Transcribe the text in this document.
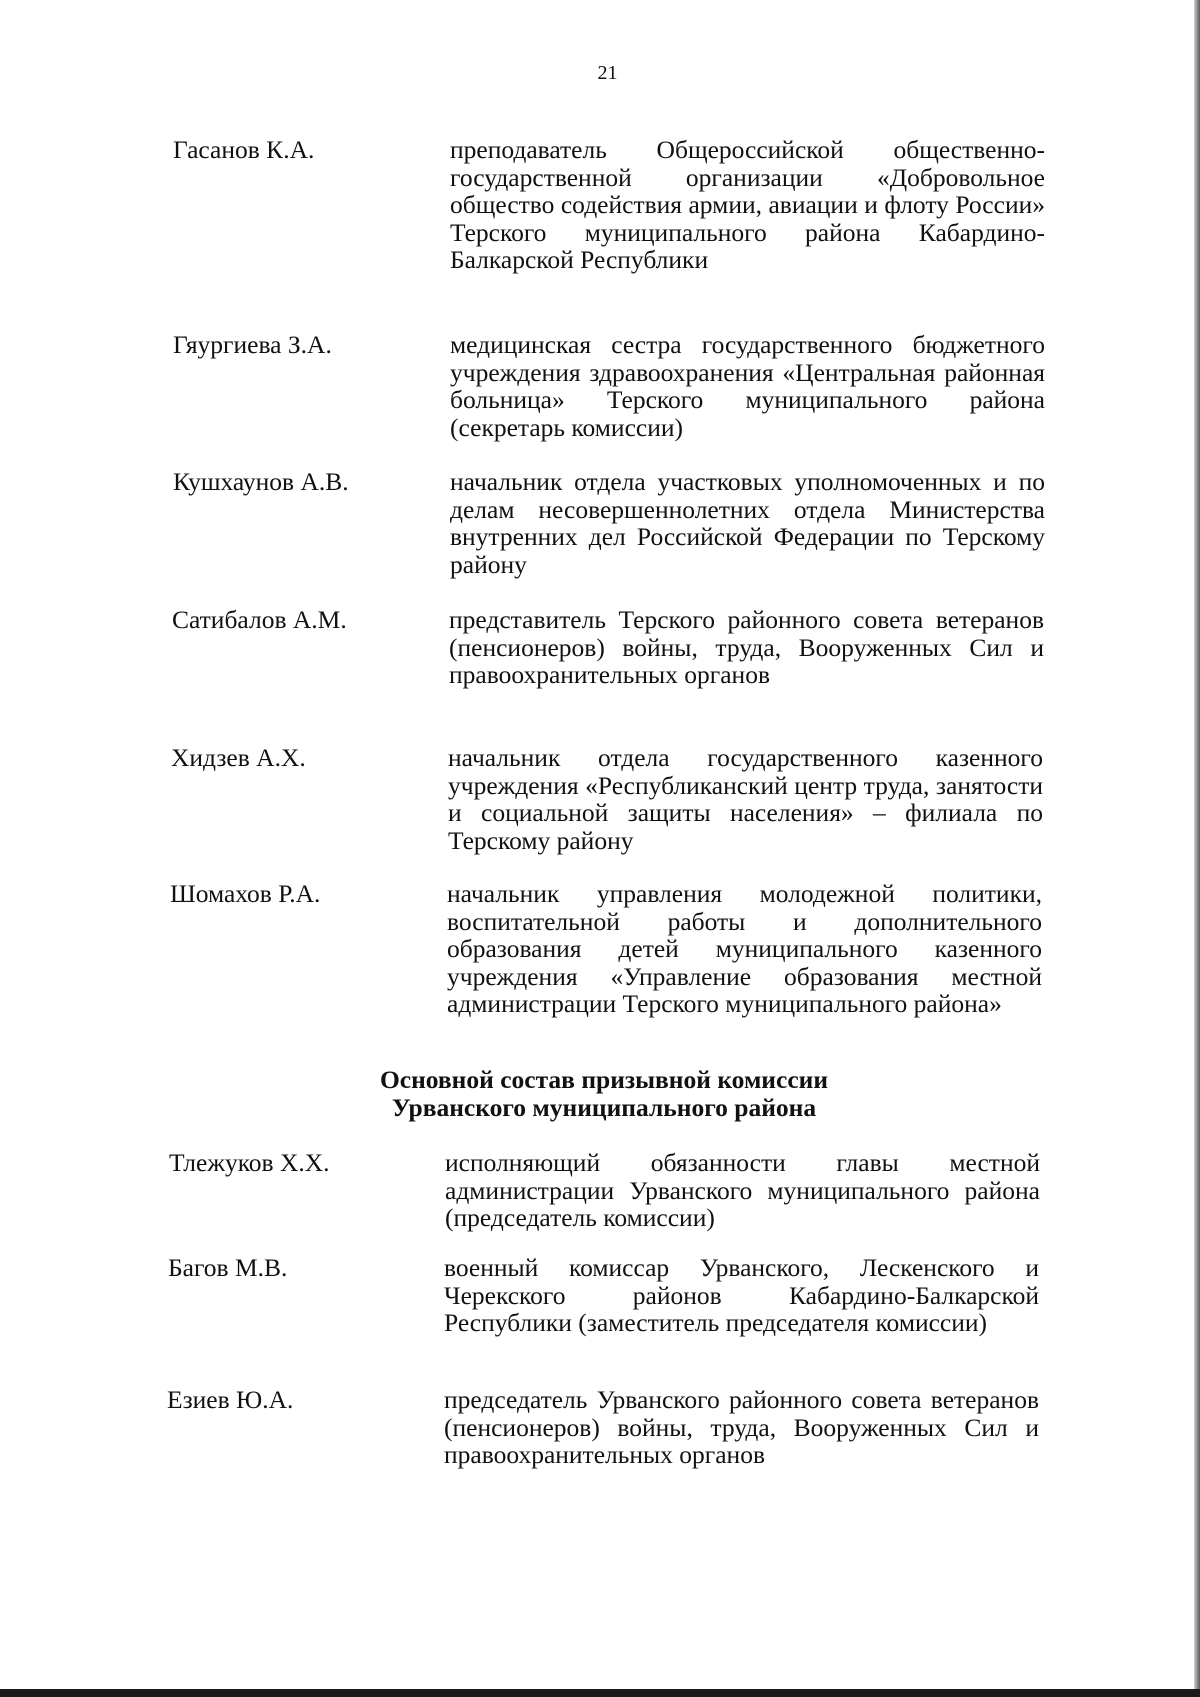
21
Гасанов К.А.	преподаватель Общероссийской общественно-государственной организации «Добровольное общество содействия армии, авиации и флоту России» Терского муниципального района Кабардино-Балкарской Республики
Гяургиева З.А.	медицинская сестра государственного бюджетного учреждения здравоохранения «Центральная районная больница» Терского муниципального района (секретарь комиссии)
Кушхаунов А.В.	начальник отдела участковых уполномоченных и по делам несовершеннолетних отдела Министерства внутренних дел Российской Федерации по Терскому району
Сатибалов А.М.	представитель Терского районного совета ветеранов (пенсионеров) войны, труда, Вооруженных Сил и правоохранительных органов
Хидзев А.Х.	начальник отдела государственного казенного учреждения «Республиканский центр труда, занятости и социальной защиты населения» – филиала по Терскому району
Шомахов Р.А.	начальник управления молодежной политики, воспитательной работы и дополнительного образования детей муниципального казенного учреждения «Управление образования местной администрации Терского муниципального района»
Основной состав призывной комиссии
Урванского муниципального района
Тлежуков Х.Х.	исполняющий обязанности главы местной администрации Урванского муниципального района (председатель комиссии)
Багов М.В.	военный комиссар Урванского, Лескенского и Черекского районов Кабардино-Балкарской Республики (заместитель председателя комиссии)
Езиев Ю.А.	председатель Урванского районного совета ветеранов (пенсионеров) войны, труда, Вооруженных Сил и правоохранительных органов
